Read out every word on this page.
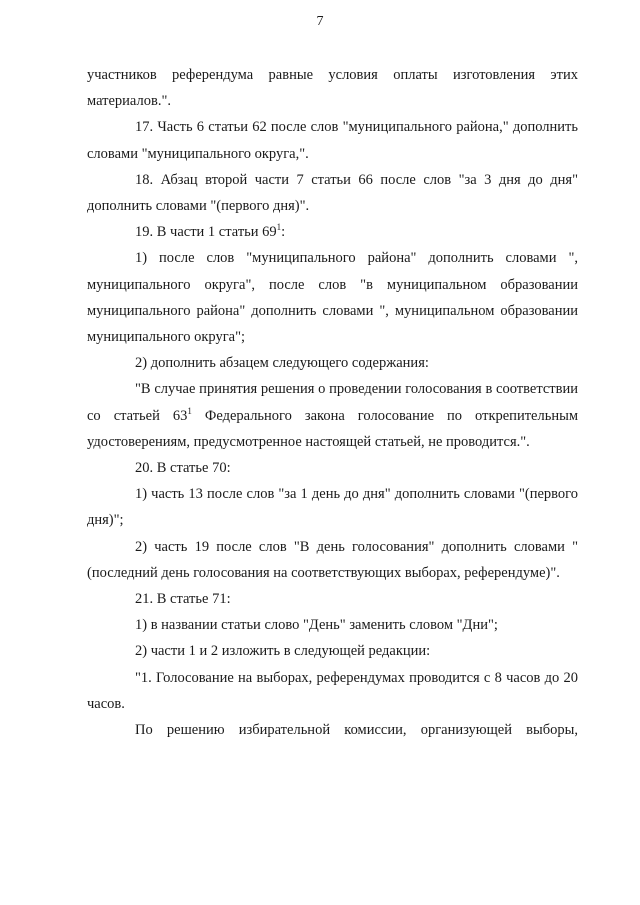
7

участников референдума равные условия оплаты изготовления этих материалов.".

17. Часть 6 статьи 62 после слов "муниципального района," дополнить словами "муниципального округа,".

18. Абзац второй части 7 статьи 66 после слов "за 3 дня до дня" дополнить словами "(первого дня)".

19. В части 1 статьи $69^1$:

1) после слов "муниципального района" дополнить словами ", муниципального округа", после слов "в муниципальном образовании муниципального района" дополнить словами ", муниципальном образовании муниципального округа";

2) дополнить абзацем следующего содержания:

"В случае принятия решения о проведении голосования в соответствии со статьей $63^1$ Федерального закона голосование по открепительным удостоверениям, предусмотренное настоящей статьей, не проводится.".

20. В статье 70:

1) часть 13 после слов "за 1 день до дня" дополнить словами "(первого дня)";

2) часть 19 после слов "В день голосования" дополнить словами "(последний день голосования на соответствующих выборах, референдуме)".

21. В статье 71:

1) в названии статьи слово "День" заменить словом "Дни";

2) части 1 и 2 изложить в следующей редакции:

"1. Голосование на выборах, референдумах проводится с 8 часов до 20 часов.

По решению избирательной комиссии, организующей выборы,
